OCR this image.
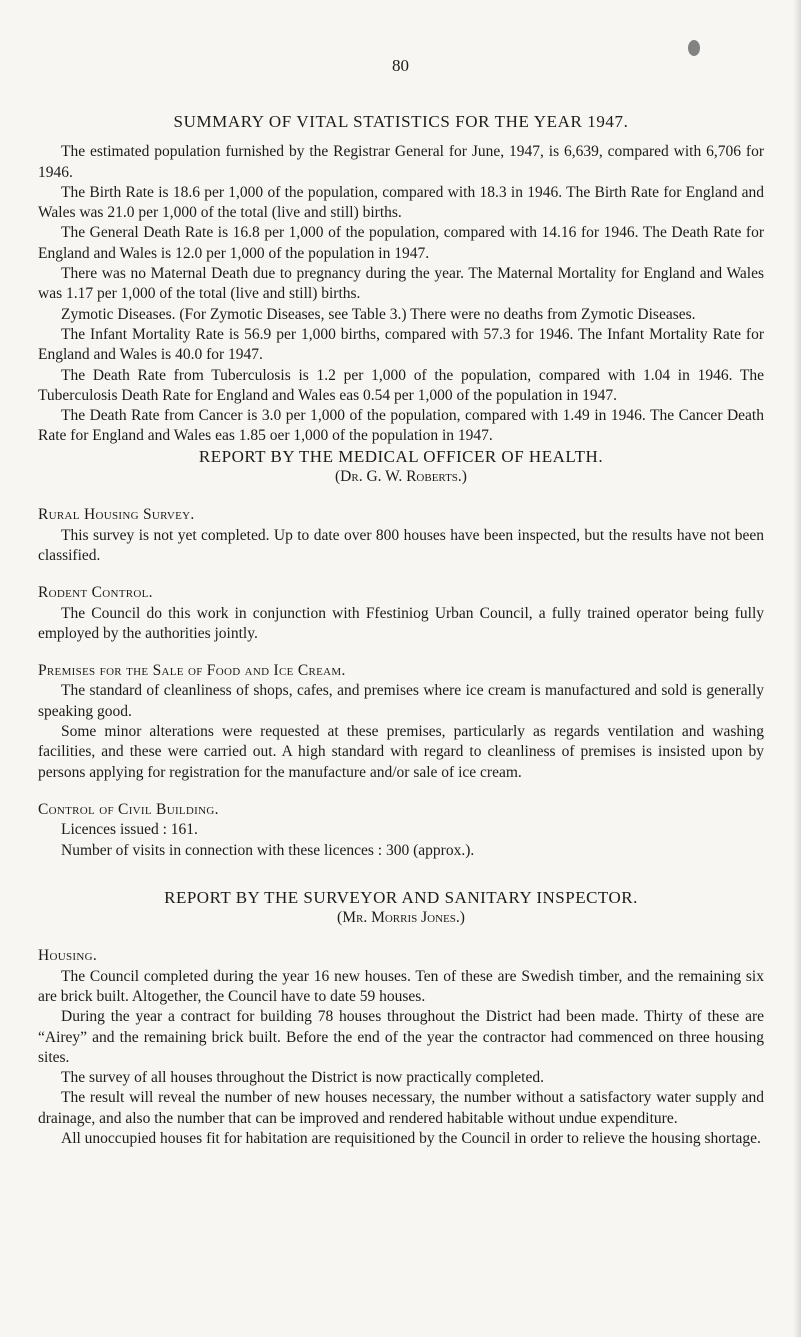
80
SUMMARY OF VITAL STATISTICS FOR THE YEAR 1947.

The estimated population furnished by the Registrar General for June, 1947, is 6,639, compared with 6,706 for 1946.

The Birth Rate is 18.6 per 1,000 of the population, compared with 18.3 in 1946. The Birth Rate for England and Wales was 21.0 per 1,000 of the total (live and still) births.

The General Death Rate is 16.8 per 1,000 of the population, compared with 14.16 for 1946. The Death Rate for England and Wales is 12.0 per 1,000 of the population in 1947.

There was no Maternal Death due to pregnancy during the year. The Maternal Mortality for England and Wales was 1.17 per 1,000 of the total (live and still) births.

Zymotic Diseases. (For Zymotic Diseases, see Table 3.) There were no deaths from Zymotic Diseases.

The Infant Mortality Rate is 56.9 per 1,000 births, compared with 57.3 for 1946. The Infant Mortality Rate for England and Wales is 40.0 for 1947.

The Death Rate from Tuberculosis is 1.2 per 1,000 of the population, compared with 1.04 in 1946. The Tuberculosis Death Rate for England and Wales eas 0.54 per 1,000 of the population in 1947.

The Death Rate from Cancer is 3.0 per 1,000 of the population, compared with 1.49 in 1946. The Cancer Death Rate for England and Wales eas 1.85 oer 1,000 of the population in 1947.

REPORT BY THE MEDICAL OFFICER OF HEALTH.
(Dr. G. W. Roberts.)
Rural Housing Survey.

This survey is not yet completed. Up to date over 800 houses have been inspected, but the results have not been classified.

Rodent Control.

The Council do this work in conjunction with Ffestiniog Urban Council, a fully trained operator being fully employed by the authorities jointly.

Premises for the Sale of Food and Ice Cream.

The standard of cleanliness of shops, cafes, and premises where ice cream is manufactured and sold is generally speaking good.

Some minor alterations were requested at these premises, particularly as regards ventilation and washing facilities, and these were carried out. A high standard with regard to cleanliness of premises is insisted upon by persons applying for registration for the manufacture and/or sale of ice cream.

Control of Civil Building.

Licences issued : 161.

Number of visits in connection with these licences : 300 (approx.).

REPORT BY THE SURVEYOR AND SANITARY INSPECTOR.
(Mr. Morris Jones.)
Housing.

The Council completed during the year 16 new houses. Ten of these are Swedish timber, and the remaining six are brick built. Altogether, the Council have to date 59 houses.

During the year a contract for building 78 houses throughout the District had been made. Thirty of these are “Airey” and the remaining brick built. Before the end of the year the contractor had commenced on three housing sites.

The survey of all houses throughout the District is now practically completed.

The result will reveal the number of new houses necessary, the number without a satisfactory water supply and drainage, and also the number that can be improved and rendered habitable without undue expenditure.

All unoccupied houses fit for habitation are requisitioned by the Council in order to relieve the housing shortage.
